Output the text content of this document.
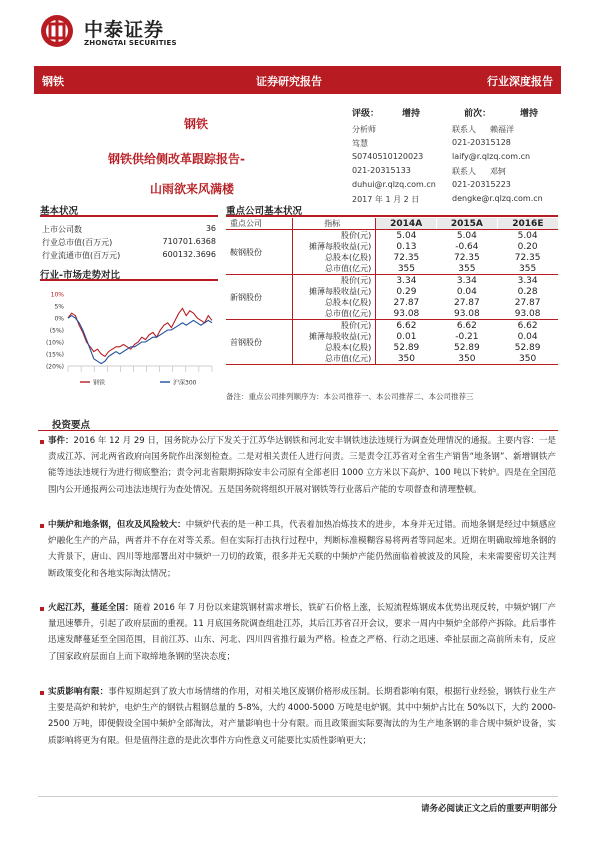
中泰证券
ZHONGTAI SECURITIES
钢铁	证券研究报告	行业深度报告
钢铁
钢铁供给侧改革跟踪报告-
山雨欲来风满楼
评级：	增持	前次：	增持
分析师
笃慧
S0740510120023
021-20315133
duhui@r.qlzq.com.cn
2017 年 1 月 2 日
联系人 赖福洋
021-20315128
laify@r.qlzq.com.cn
联系人 邓轲
021-20315223
dengke@r.qlzq.com.cn
基本状况
上市公司数	36
行业总市值(百万元)	710701.6368
行业流通市值(百万元)	600132.3696
行业-市场走势对比
10%
5%
0%
(5%)
(10%)
(15%)
(20%)
钢铁	沪深300
重点公司基本状况
重点公司	指标	2014A	2015A	2016E
鞍钢股份	股价(元)	5.04	5.04	5.04
	摊薄每股收益(元)	0.13	-0.64	0.20
	总股本(亿股)	72.35	72.35	72.35
	总市值(亿元)	355	355	355
新钢股份	股价(元)	3.34	3.34	3.34
	摊薄每股收益(元)	0.29	0.04	0.28
	总股本(亿股)	27.87	27.87	27.87
	总市值(亿元)	93.08	93.08	93.08
首钢股份	股价(元)	6.62	6.62	6.62
	摊薄每股收益(元)	0.01	-0.21	0.04
	总股本(亿股)	52.89	52.89	52.89
	总市值(亿元)	350	350	350
备注：重点公司排列顺序为：本公司推荐一、本公司推荐二、本公司推荐三
投资要点
事件：2016 年 12 月 29 日，国务院办公厅下发关于江苏华达钢铁和河北安丰钢铁违法违规行为调查处理情况的通报。主要内容：一是责成江苏、河北两省政府向国务院作出深刻检查。二是对相关责任人进行问责。三是责令江苏省对全省生产销售“地条钢”、新增钢铁产能等违法违规行为进行彻底整治；责令河北省限期拆除安丰公司原有全部老旧 1000 立方米以下高炉、100 吨以下转炉。四是在全国范围内公开通报两公司违法违规行为查处情况。五是国务院将组织开展对钢铁等行业落后产能的专项督查和清理整顿。
中频炉和地条钢，但攻及风险较大：中频炉代表的是一种工具，代表着加热冶炼技术的进步，本身并无过错。而地条钢是经过中频感应炉融化生产的产品，两者并不存在对等关系。但在实际打击执行过程中，判断标准模糊容易将两者等同起来。近期在明确取缔地条钢的大背景下，唐山、四川等地部署出对中频炉一刀切的政策，很多并无关联的中频炉产能仍然面临着被波及的风险，未来需要密切关注判断政策变化和各地实际淘汰情况；
火起江苏，蔓延全国：随着 2016 年 7 月份以来建筑钢材需求增长，铁矿石价格上涨，长短流程炼钢成本优势出现反转，中频炉钢厂产量迅速攀升，引起了政府层面的重视。11 月底国务院调查组赴江苏，其后江苏省召开会议，要求一周内中频炉全部停产拆除。此后事件迅速发酵蔓延至全国范围，目前江苏、山东、河北、四川四省推行最为严格。检查之严格、行动之迅速、牵扯层面之高前所未有，反应了国家政府层面自上而下取缔地条钢的坚决态度；
实质影响有限：事件短期起到了放大市场情绪的作用，对相关地区废钢价格形成压制。长期看影响有限，根据行业经验，钢铁行业生产主要是高炉和转炉，电炉生产的钢铁占粗钢总量的 5-8%，大约 4000-5000 万吨是电炉钢。其中中频炉占比在 50%以下，大约 2000-2500 万吨，即便假设全国中频炉全部淘汰，对产量影响也十分有限。而且政策面实际要淘汰的为生产地条钢的非合规中频炉设备，实质影响将更为有限。但是值得注意的是此次事件方向性意义可能要比实质性影响更大；
请务必阅读正文之后的重要声明部分
